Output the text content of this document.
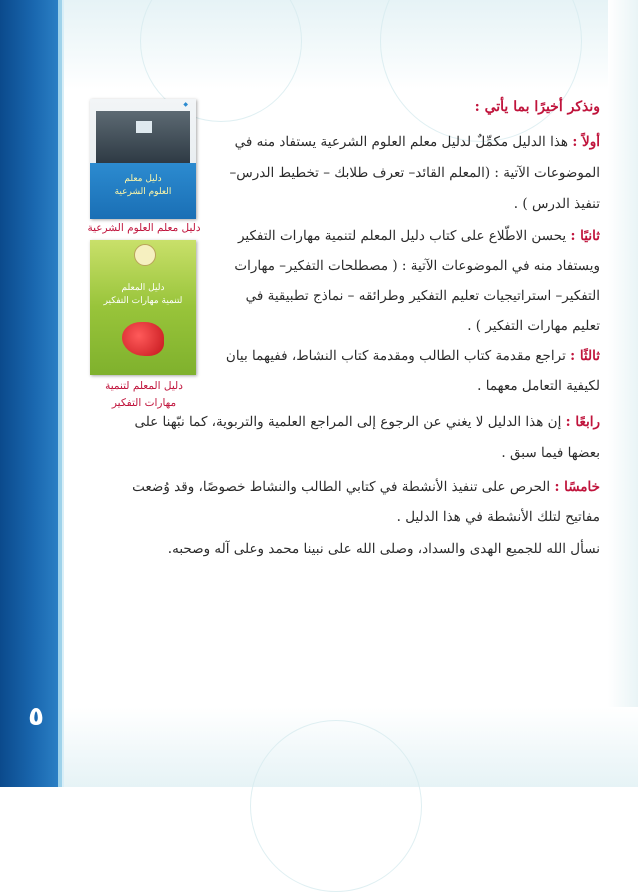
٥
◆
دليل معلم
العلوم الشرعية
دليل معلم العلوم الشرعية
دليل المعلم
لتنمية مهارات التفكير
دليل المعلم لتنمية
مهارات التفكير
ونذكر أخيرًا بما يأتي :
أولاً : هذا الدليل مكمِّلٌ لدليل معلم العلوم الشرعية يستفاد منه في
الموضوعات الآتية : (المعلم القائد– تعرف طلابك – تخطيط الدرس–
تنفيذ الدرس ) .
ثانيًا : يحسن الاطّلاع على كتاب دليل المعلم لتنمية مهارات التفكير
ويستفاد منه في الموضوعات الآتية : ( مصطلحات التفكير– مهارات
التفكير– استراتيجيات تعليم التفكير وطرائقه – نماذج تطبيقية في
تعليم مهارات التفكير ) .
ثالثًا : تراجع مقدمة كتاب الطالب ومقدمة كتاب النشاط، ففيهما بيان
لكيفية التعامل معهما .
رابعًا : إن هذا الدليل لا يغني عن الرجوع إلى المراجع العلمية والتربوية، كما نبّهنا على
بعضها فيما سبق .
خامسًا : الحرص على تنفيذ الأنشطة في كتابي الطالب والنشاط خصوصًا، وقد وُضعت
مفاتيح لتلك الأنشطة في هذا الدليل .
نسأل الله للجميع الهدى والسداد، وصلى الله على نبينا محمد وعلى آله وصحبه.
